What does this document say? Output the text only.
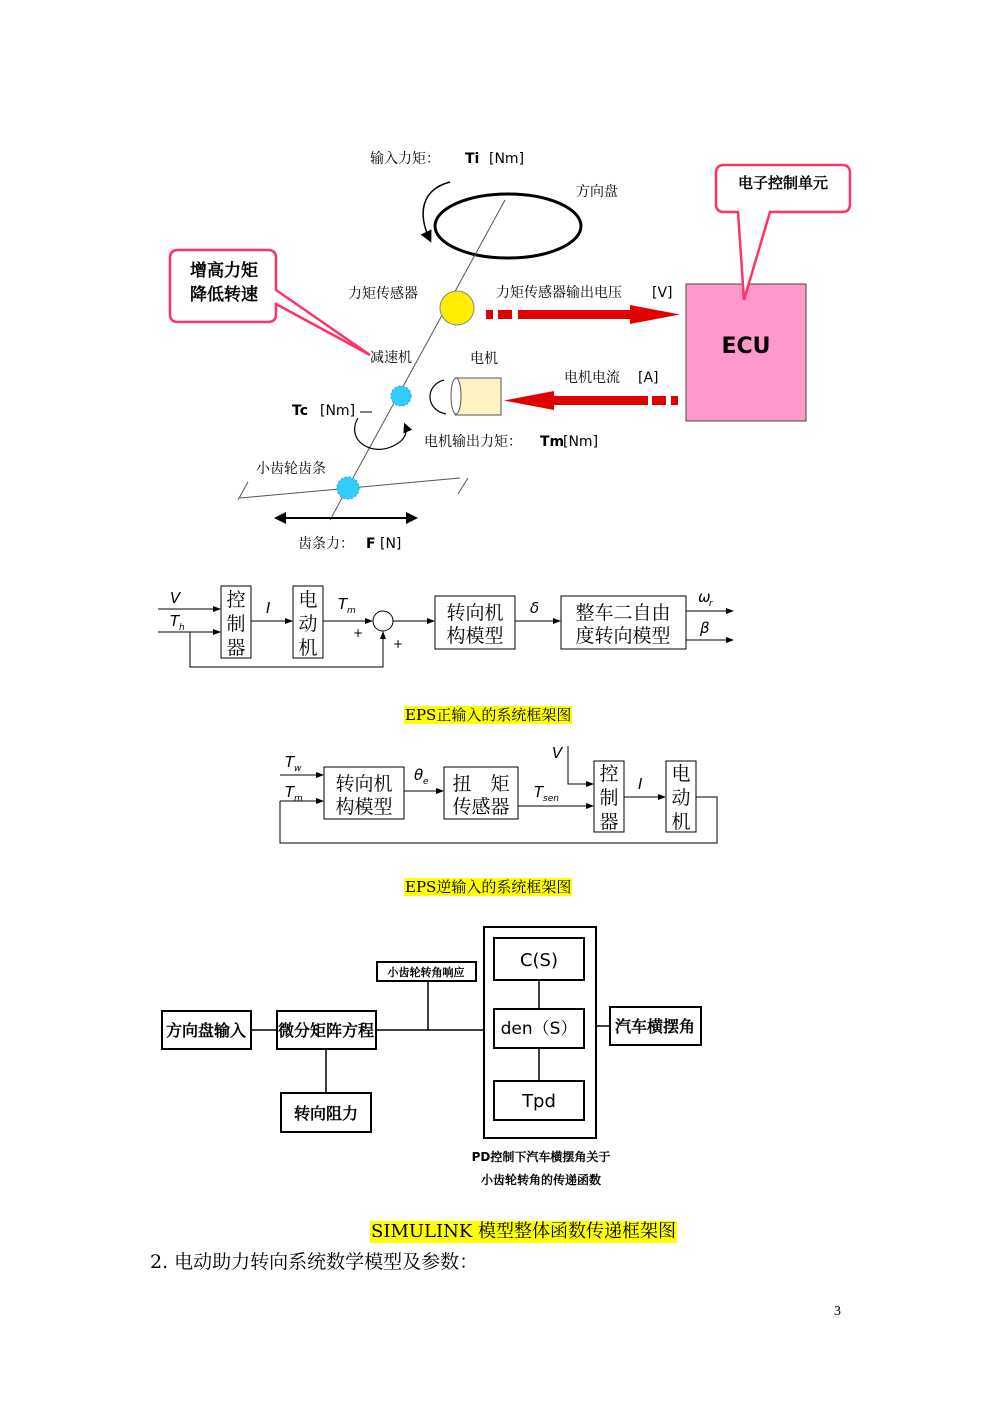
输入力矩： Ti [Nm]
方向盘
力矩传感器	力矩传感器输出电压 [V]
ECU
电子控制单元
增高力矩
降低转速
减速机	电机
电机电流 [A]
Tc [Nm]
电机输出力矩： Tm
[Nm]
小齿轮齿条
齿条力： F [N]
V
T h
控
制
器
I 电
动
机
T m
+
+
转向机
构模型
δ 整车二自由
度转向模型
ω
r
β
EPS正输入的系统框架图
T w
T m
转向机
构模型
θ e 扭　矩
传感器
T sen
V
控
制
器
I 电
动
机
EPS逆输入的系统框架图
方向盘输入 微分矩阵方程
转向阻力
小齿轮转角响应
C(S)
den（S）
Tpd
汽车横摆角
PD控制下汽车横摆角关于
小齿轮转角的传递函数
SIMULINK 模型整体函数传递框架图
2. 电动助力转向系统数学模型及参数：
3
